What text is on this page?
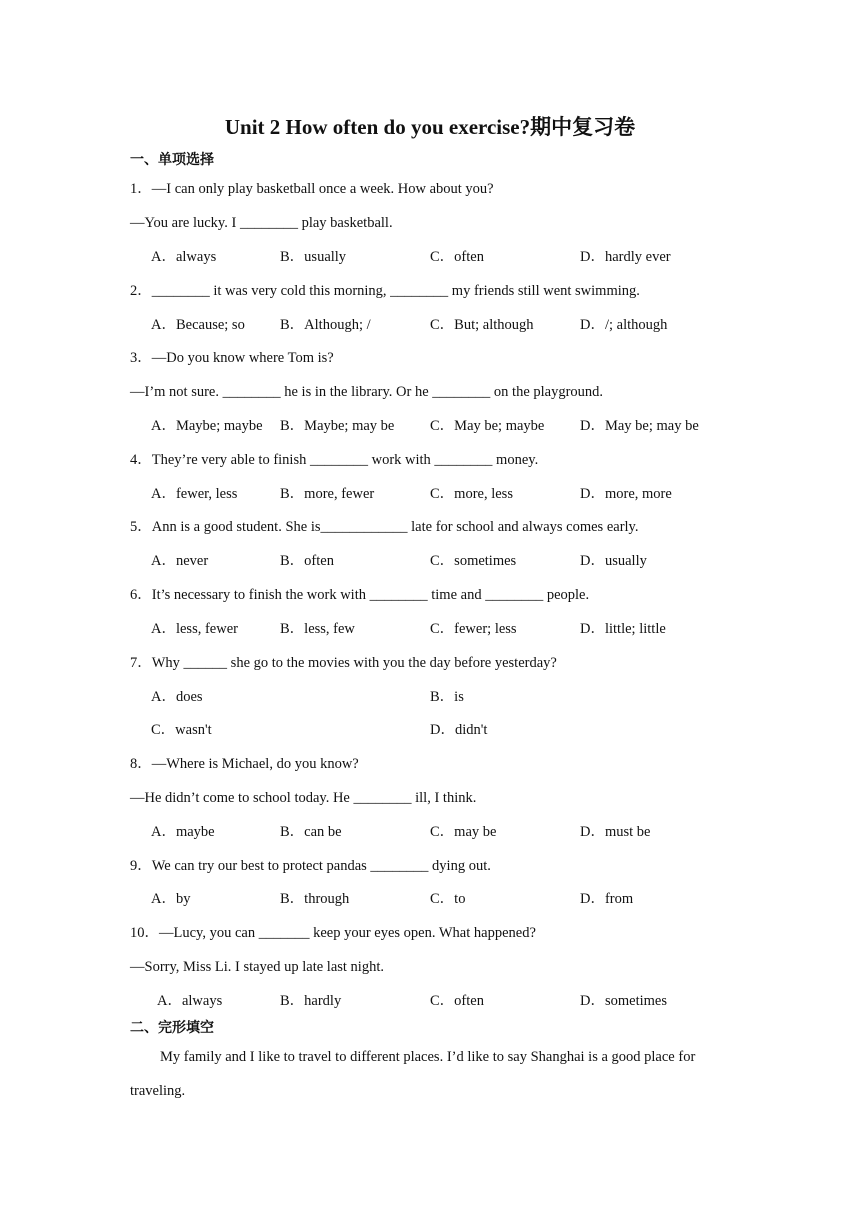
Unit 2 How often do you exercise?期中复习卷
一、单项选择
1．—I can only play basketball once a week. How about you?
—You are lucky. I ________ play basketball.
A．always	B．usually	C．often	D．hardly ever
2．________ it was very cold this morning, ________ my friends still went swimming.
A．Because; so B．Although; /	C．But; although	D．/; although
3．—Do you know where Tom is?
—I’m not sure. ________ he is in the library. Or he ________ on the playground.
A．Maybe; maybe B．Maybe; may be C．May be; maybe D．May be; may be
4．They’re very able to finish ________ work with ________ money.
A．fewer, less	B．more, fewer	C．more, less	D．more, more
5．Ann is a good student. She is____________ late for school and always comes early.
A．never	B．often	C．sometimes	D．usually
6．It’s necessary to finish the work with ________ time and ________ people.
A．less, fewer	B．less, few	C．fewer; less	D．little; little
7．Why ______ she go to the movies with you the day before yesterday?
A．does	B．is
C．wasn't	D．didn't
8．—Where is Michael, do you know?
—He didn’t come to school today. He ________ ill, I think.
A．maybe	B．can be	C．may be	D．must be
9．We can try our best to protect pandas ________ dying out.
A．by	B．through	C．to	D．from
10．—Lucy, you can _______ keep your eyes open. What happened?
—Sorry, Miss Li. I stayed up late last night.
A．always	B．hardly	C．often	D．sometimes
二、完形填空
My family and I like to travel to different places. I’d like to say Shanghai is a good place for
traveling.
